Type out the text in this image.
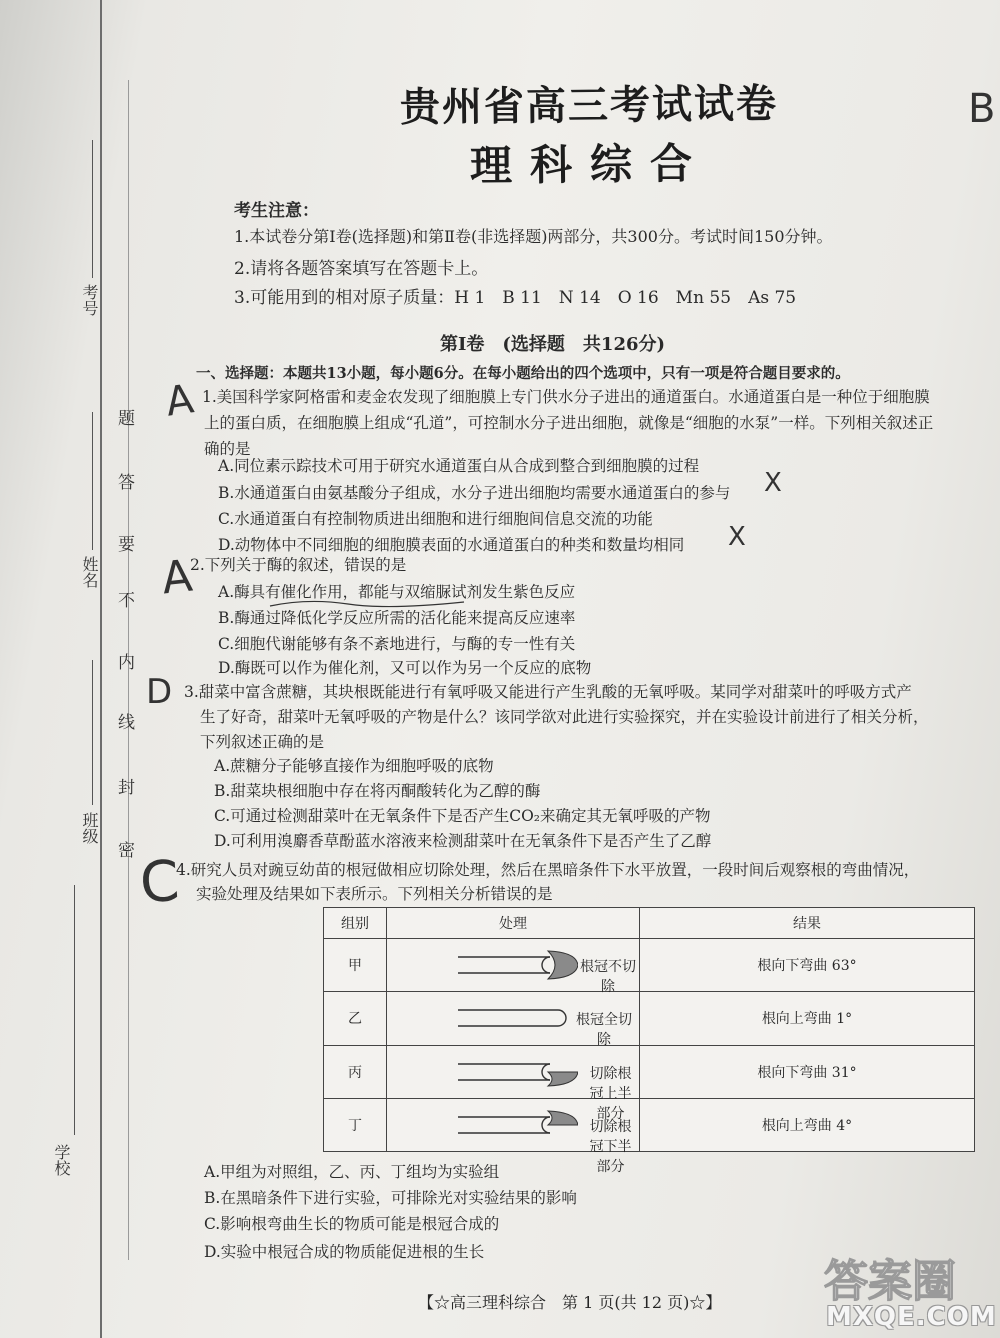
考号
姓名
班级
学校
密
封
线
内
不
要
答
题
贵州省高三考试试卷
理科综合
考生注意：
1.本试卷分第Ⅰ卷(选择题)和第Ⅱ卷(非选择题)两部分，共300分。考试时间150分钟。
2.请将各题答案填写在答题卡上。
3.可能用到的相对原子质量：H 1　B 11　N 14　O 16　Mn 55　As 75
第Ⅰ卷　(选择题　共126分)
一、选择题：本题共13小题，每小题6分。在每小题给出的四个选项中，只有一项是符合题目要求的。
1.美国科学家阿格雷和麦金农发现了细胞膜上专门供水分子进出的通道蛋白。水通道蛋白是一种位于细胞膜
上的蛋白质，在细胞膜上组成“孔道”，可控制水分子进出细胞，就像是“细胞的水泵”一样。下列相关叙述正
确的是
A.同位素示踪技术可用于研究水通道蛋白从合成到整合到细胞膜的过程
B.水通道蛋白由氨基酸分子组成，水分子进出细胞均需要水通道蛋白的参与
C.水通道蛋白有控制物质进出细胞和进行细胞间信息交流的功能
D.动物体中不同细胞的细胞膜表面的水通道蛋白的种类和数量均相同
2.下列关于酶的叙述，错误的是
A.酶具有催化作用，都能与双缩脲试剂发生紫色反应
B.酶通过降低化学反应所需的活化能来提高反应速率
C.细胞代谢能够有条不紊地进行，与酶的专一性有关
D.酶既可以作为催化剂，又可以作为另一个反应的底物
3.甜菜中富含蔗糖，其块根既能进行有氧呼吸又能进行产生乳酸的无氧呼吸。某同学对甜菜叶的呼吸方式产
生了好奇，甜菜叶无氧呼吸的产物是什么？该同学欲对此进行实验探究，并在实验设计前进行了相关分析，
下列叙述正确的是
A.蔗糖分子能够直接作为细胞呼吸的底物
B.甜菜块根细胞中存在将丙酮酸转化为乙醇的酶
C.可通过检测甜菜叶在无氧条件下是否产生CO₂来确定其无氧呼吸的产物
D.可利用溴麝香草酚蓝水溶液来检测甜菜叶在无氧条件下是否产生了乙醇
4.研究人员对豌豆幼苗的根冠做相应切除处理，然后在黑暗条件下水平放置，一段时间后观察根的弯曲情况，
实验处理及结果如下表所示。下列相关分析错误的是
组别	处理	结果
甲	根冠不切除	根向下弯曲 63°
乙	根冠全切除	根向上弯曲 1°
丙	切除根冠上半部分	根向下弯曲 31°
丁	切除根冠下半部分	根向上弯曲 4°
A.甲组为对照组，乙、丙、丁组均为实验组
B.在黑暗条件下进行实验，可排除光对实验结果的影响
C.影响根弯曲生长的物质可能是根冠合成的
D.实验中根冠合成的物质能促进根的生长
A
A
D
C
X
X
B
【☆高三理科综合　第 1 页(共 12 页)☆】 答案圈
MXQE.COM
